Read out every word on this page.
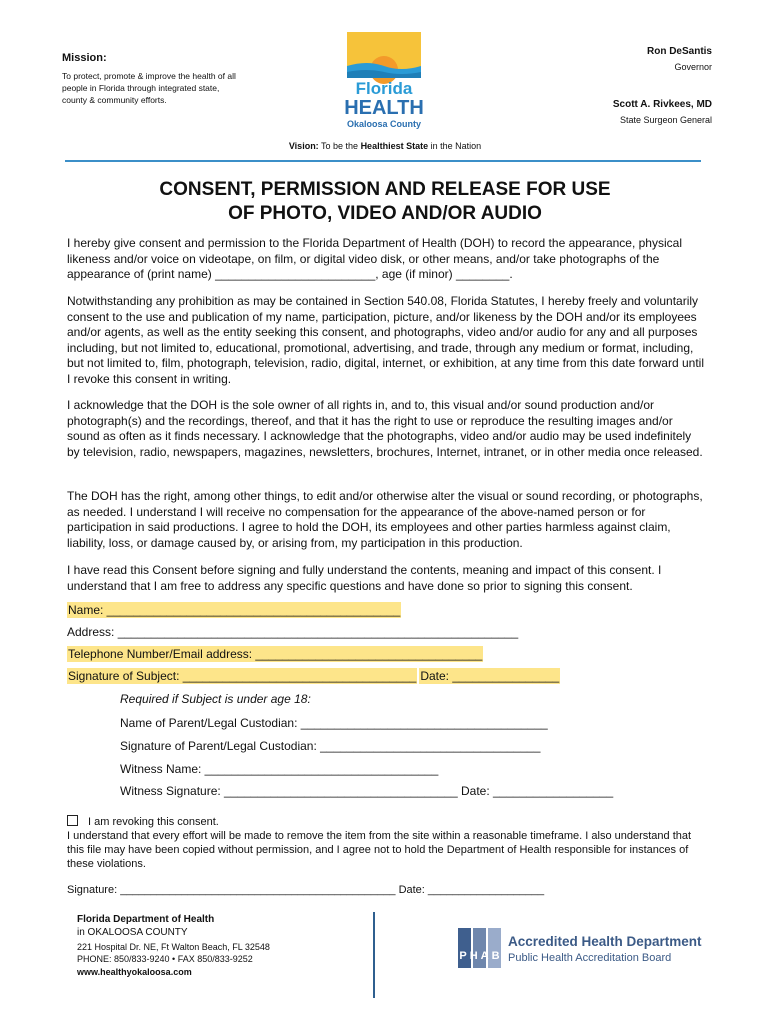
Mission:
To protect, promote & improve the health of all people in Florida through integrated state, county & community efforts.
Florida
HEALTH
Okaloosa County
Ron DeSantis
Governor
Scott A. Rivkees, MD
State Surgeon General
Vision: To be the Healthiest State in the Nation
CONSENT, PERMISSION AND RELEASE FOR USE
OF PHOTO, VIDEO AND/OR AUDIO
I hereby give consent and permission to the Florida Department of Health (DOH) to record the appearance, physical likeness and/or voice on videotape, on film, or digital video disk, or other means, and/or take photographs of the appearance of (print name) ________________________, age (if minor) ________.
Notwithstanding any prohibition as may be contained in Section 540.08, Florida Statutes, I hereby freely and voluntarily consent to the use and publication of my name, participation, picture, and/or likeness by the DOH and/or its employees and/or agents, as well as the entity seeking this consent, and photographs, video and/or audio for any and all purposes including, but not limited to, educational, promotional, advertising, and trade, through any medium or format, including, but not limited to, film, photograph, television, radio, digital, internet, or exhibition, at any time from this date forward until I revoke this consent in writing.
I acknowledge that the DOH is the sole owner of all rights in, and to, this visual and/or sound production and/or photograph(s) and the recordings, thereof, and that it has the right to use or reproduce the resulting images and/or sound as often as it finds necessary. I acknowledge that the photographs, video and/or audio may be used indefinitely by television, radio, newspapers, magazines, newsletters, brochures, Internet, intranet, or in other media once released.
The DOH has the right, among other things, to edit and/or otherwise alter the visual or sound recording, or photographs, as needed. I understand I will receive no compensation for the appearance of the above-named person or for participation in said productions. I agree to hold the DOH, its employees and other parties harmless against claim, liability, loss, or damage caused by, or arising from, my participation in this production.
I have read this Consent before signing and fully understand the contents, meaning and impact of this consent. I understand that I am free to address any specific questions and have done so prior to signing this consent.
Name: ____________________________________________
Address: ____________________________________________________________
Telephone Number/Email address: __________________________________
Signature of Subject: ___________________________________ Date: ________________
Required if Subject is under age 18:
Name of Parent/Legal Custodian: _____________________________________
Signature of Parent/Legal Custodian: _________________________________
Witness Name: ___________________________________
Witness Signature: ___________________________________ Date: __________________
I am revoking this consent.
I understand that every effort will be made to remove the item from the site within a reasonable timeframe. I also understand that this file may have been copied without permission, and I agree not to hold the Department of Health responsible for instances of these violations.
Signature: _____________________________________________ Date: ___________________
Florida Department of Health
in OKALOOSA COUNTY
221 Hospital Dr. NE, Ft Walton Beach, FL 32548
PHONE: 850/833-9240 • FAX 850/833-9252
www.healthyokaloosa.com
PHAB
Accredited Health Department
Public Health Accreditation Board
